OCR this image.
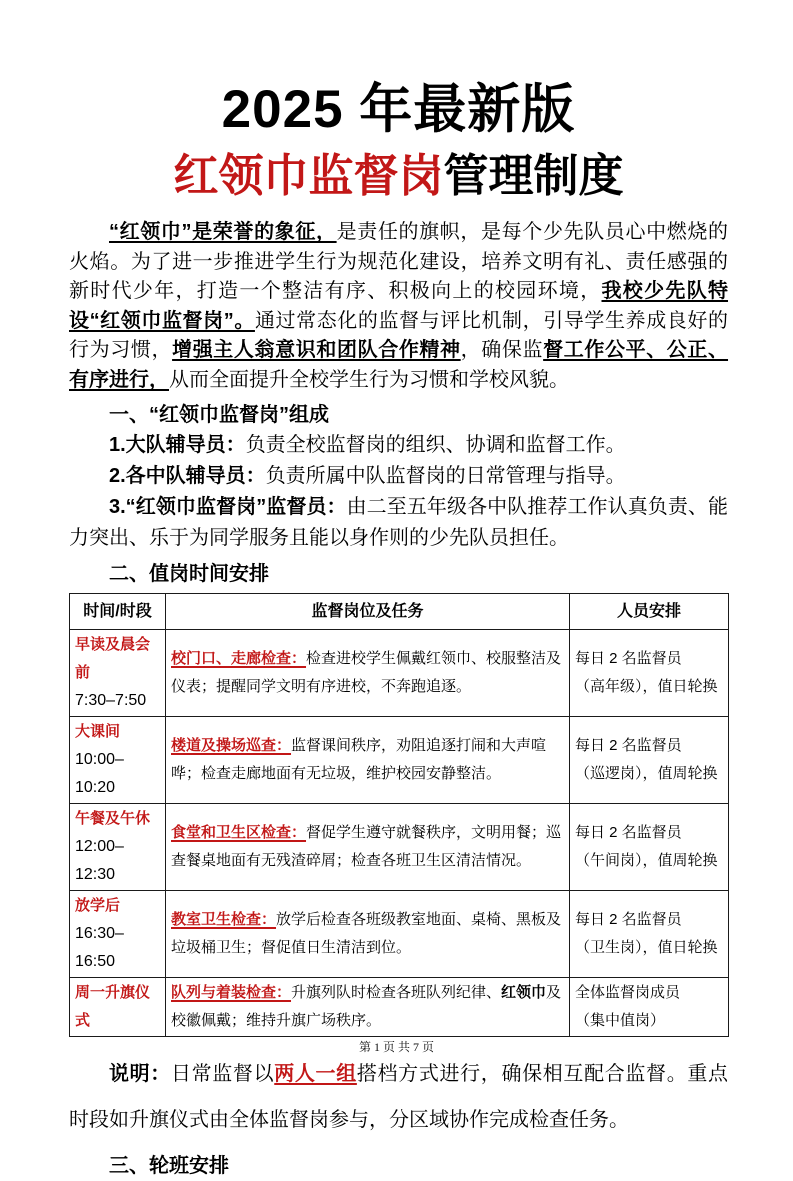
2025 年最新版
红领巾监督岗管理制度

“红领巾”是荣誉的象征，是责任的旗帜，是每个少先队员心中燃烧的火焰。为了进一步推进学生行为规范化建设，培养文明有礼、责任感强的新时代少年，打造一个整洁有序、积极向上的校园环境，我校少先队特设“红领巾监督岗”。通过常态化的监督与评比机制，引导学生养成良好的行为习惯，增强主人翁意识和团队合作精神，确保监督工作公平、公正、有序进行，从而全面提升全校学生行为习惯和学校风貌。

一、“红领巾监督岗”组成

1.大队辅导员：负责全校监督岗的组织、协调和监督工作。

2.各中队辅导员：负责所属中队监督岗的日常管理与指导。

3.“红领巾监督岗”监督员：由二至五年级各中队推荐工作认真负责、能力突出、乐于为同学服务且能以身作则的少先队员担任。

二、值岗时间安排

时间/时段	监督岗位及任务	人员安排

早读及晨会前
7:30–7:50	校门口、走廊检查：检查进校学生佩戴红领巾、校服整洁及仪表；提醒同学文明有序进校，不奔跑追逐。	每日 2 名监督员
（高年级），值日轮换

大课间
10:00–10:20	楼道及操场巡查：监督课间秩序，劝阻追逐打闹和大声喧哗；检查走廊地面有无垃圾，维护校园安静整洁。	每日 2 名监督员
（巡逻岗），值周轮换

午餐及午休
12:00–12:30	食堂和卫生区检查：督促学生遵守就餐秩序，文明用餐；巡查餐桌地面有无残渣碎屑；检查各班卫生区清洁情况。	每日 2 名监督员
（午间岗），值周轮换

放学后
16:30–16:50	教室卫生检查：放学后检查各班级教室地面、桌椅、黑板及垃圾桶卫生；督促值日生清洁到位。	每日 2 名监督员
（卫生岗），值日轮换

周一升旗仪式	队列与着装检查：升旗列队时检查各班队列纪律、红领巾及校徽佩戴；维持升旗广场秩序。	全体监督岗成员
（集中值岗）

说明：日常监督以两人一组搭档方式进行，确保相互配合监督。重点时段如升旗仪式由全体监督岗参与，分区域协作完成检查任务。

三、轮班安排

第 1 页 共 7 页
